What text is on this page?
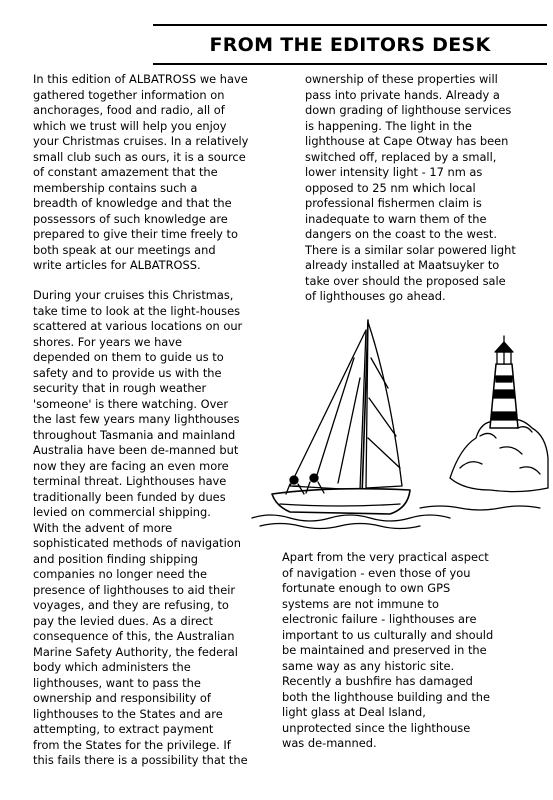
FROM THE EDITORS DESK
In this edition of ALBATROSS we have
gathered together information on
anchorages, food and radio, all of
which we trust will help you enjoy
your Christmas cruises. In a relatively
small club such as ours, it is a source
of constant amazement that the
membership contains such a
breadth of knowledge and that the
possessors of such knowledge are
prepared to give their time freely to
both speak at our meetings and
write articles for ALBATROSS.
During your cruises this Christmas,
take time to look at the light-houses
scattered at various locations on our
shores. For years we have
depended on them to guide us to
safety and to provide us with the
security that in rough weather
'someone' is there watching. Over
the last few years many lighthouses
throughout Tasmania and mainland
Australia have been de-manned but
now they are facing an even more
terminal threat. Lighthouses have
traditionally been funded by dues
levied on commercial shipping.
With the advent of more
sophisticated methods of navigation
and position finding shipping
companies no longer need the
presence of lighthouses to aid their
voyages, and they are refusing, to
pay the levied dues. As a direct
consequence of this, the Australian
Marine Safety Authority, the federal
body which administers the
lighthouses, want to pass the
ownership and responsibility of
lighthouses to the States and are
attempting, to extract payment
from the States for the privilege. If
this fails there is a possibility that the
ownership of these properties will
pass into private hands. Already a
down grading of lighthouse services
is happening. The light in the
lighthouse at Cape Otway has been
switched off, replaced by a small,
lower intensity light - 17 nm as
opposed to 25 nm which local
professional fishermen claim is
inadequate to warn them of the
dangers on the coast to the west.
There is a similar solar powered light
already installed at Maatsuyker to
take over should the proposed sale
of lighthouses go ahead.
Apart from the very practical aspect
of navigation - even those of you
fortunate enough to own GPS
systems are not immune to
electronic failure - lighthouses are
important to us culturally and should
be maintained and preserved in the
same way as any historic site.
Recently a bushfire has damaged
both the lighthouse building and the
light glass at Deal Island,
unprotected since the lighthouse
was de-manned.
